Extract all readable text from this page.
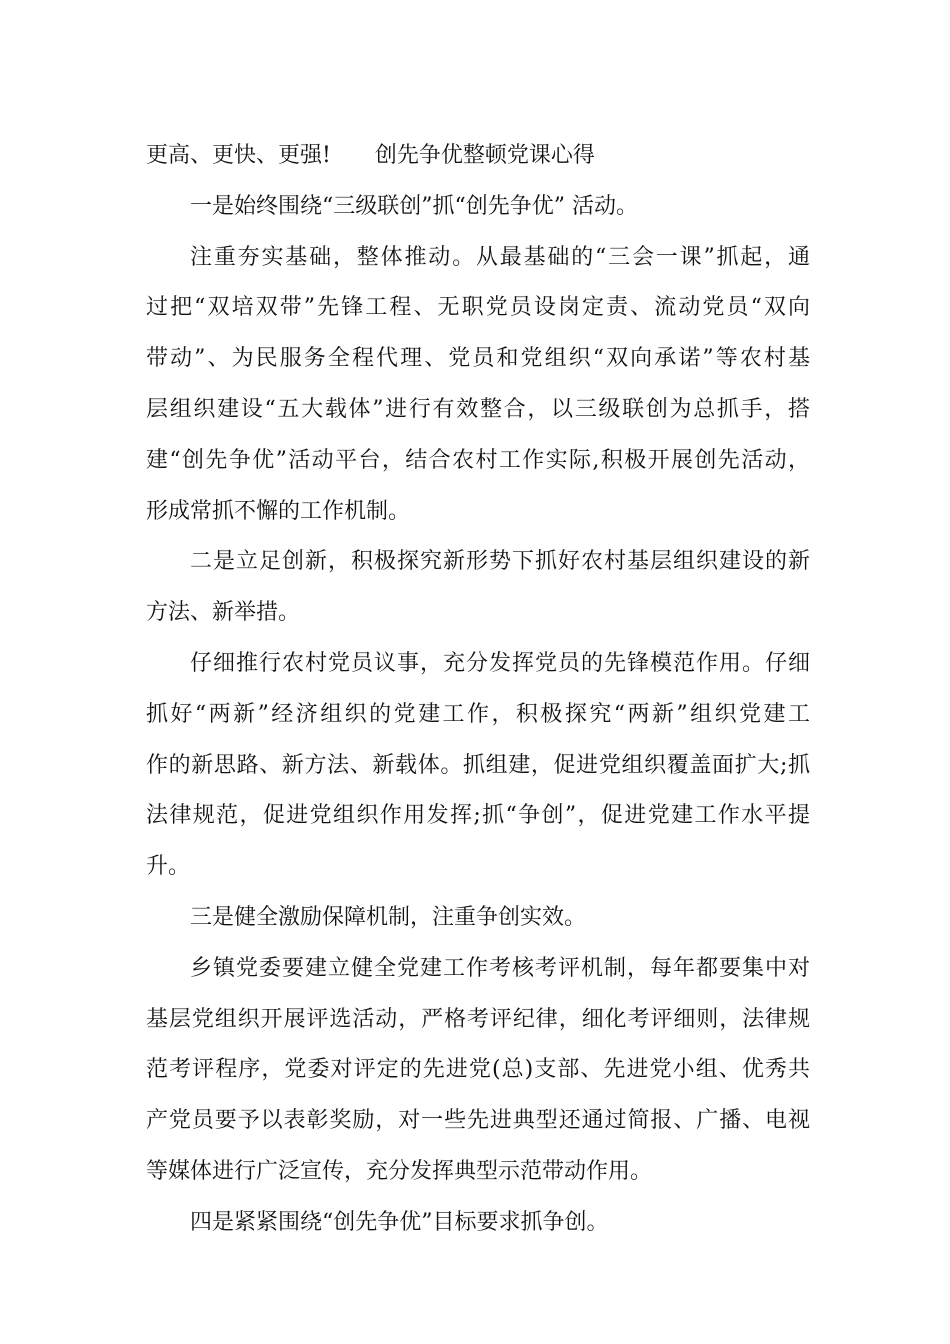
更高、更快、更强! 创先争优整顿党课心得
一是始终围绕“三级联创”抓“创先争优” 活动。
注重夯实基础，整体推动。从最基础的“三会一课”抓起，通
过把“双培双带”先锋工程、无职党员设岗定责、流动党员“双向
带动”、为民服务全程代理、党员和党组织“双向承诺”等农村基
层组织建设“五大载体”进行有效整合，以三级联创为总抓手，搭
建“创先争优”活动平台，结合农村工作实际,积极开展创先活动，
形成常抓不懈的工作机制。
二是立足创新，积极探究新形势下抓好农村基层组织建设的新
方法、新举措。
仔细推行农村党员议事，充分发挥党员的先锋模范作用。仔细
抓好“两新”经济组织的党建工作，积极探究“两新”组织党建工
作的新思路、新方法、新载体。抓组建，促进党组织覆盖面扩大;抓
法律规范，促进党组织作用发挥;抓“争创”，促进党建工作水平提
升。
三是健全激励保障机制，注重争创实效。
乡镇党委要建立健全党建工作考核考评机制，每年都要集中对
基层党组织开展评选活动，严格考评纪律，细化考评细则，法律规
范考评程序，党委对评定的先进党(总)支部、先进党小组、优秀共
产党员要予以表彰奖励，对一些先进典型还通过简报、广播、电视
等媒体进行广泛宣传，充分发挥典型示范带动作用。
四是紧紧围绕“创先争优”目标要求抓争创。
